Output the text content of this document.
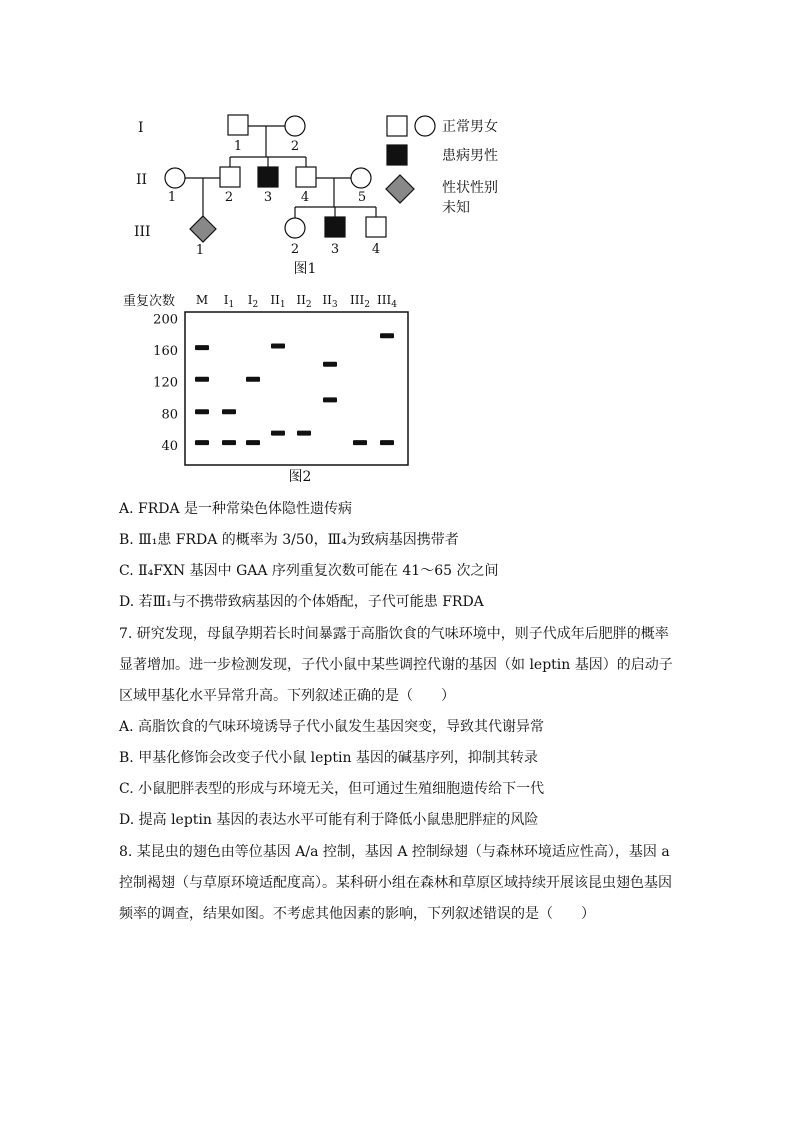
I
II
III
1	2
1	2 3 4	5
1	2 3	4
图1
正常男女
患病男性
性状性别
未知
重复次数 M $I_1$ $I_2$ $II_1$ $II_2$ $II_3$ $III_2$ $III_4$
200
160
120
80
40
图2
A. FRDA 是一种常染色体隐性遗传病
B. Ⅲ₁患 FRDA 的概率为 3/50，Ⅲ₄为致病基因携带者
C. Ⅱ₄FXN 基因中 GAA 序列重复次数可能在 41～65 次之间
D. 若Ⅲ₁与不携带致病基因的个体婚配，子代可能患 FRDA
7. 研究发现，母鼠孕期若长时间暴露于高脂饮食的气味环境中，则子代成年后肥胖的概率
显著增加。进一步检测发现，子代小鼠中某些调控代谢的基因（如 leptin 基因）的启动子
区域甲基化水平异常升高。下列叙述正确的是（　　）
A. 高脂饮食的气味环境诱导子代小鼠发生基因突变，导致其代谢异常
B. 甲基化修饰会改变子代小鼠 leptin 基因的碱基序列，抑制其转录
C. 小鼠肥胖表型的形成与环境无关，但可通过生殖细胞遗传给下一代
D. 提高 leptin 基因的表达水平可能有利于降低小鼠患肥胖症的风险
8. 某昆虫的翅色由等位基因 A/a 控制，基因 A 控制绿翅（与森林环境适应性高），基因 a
控制褐翅（与草原环境适配度高）。某科研小组在森林和草原区域持续开展该昆虫翅色基因
频率的调查，结果如图。不考虑其他因素的影响，下列叙述错误的是（　　）
